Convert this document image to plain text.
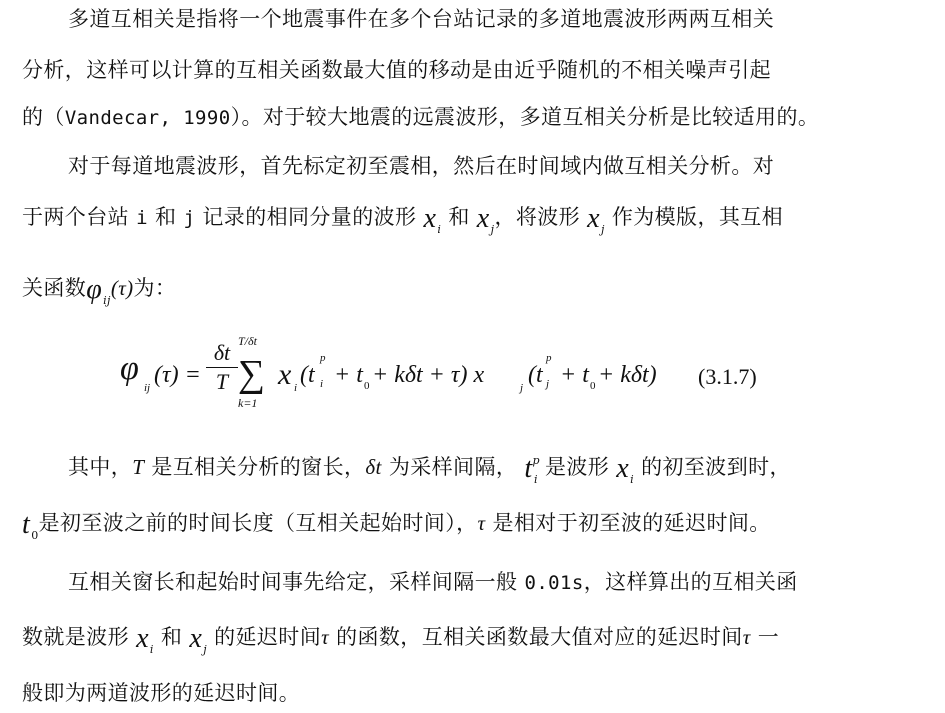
多道互相关是指将一个地震事件在多个台站记录的多道地震波形两两互相关
分析，这样可以计算的互相关函数最大值的移动是由近乎随机的不相关噪声引起
的（Vandecar, 1990）。对于较大地震的远震波形，多道互相关分析是比较适用的。
对于每道地震波形，首先标定初至震相，然后在时间域内做互相关分析。对
于两个台站 i 和 j 记录的相同分量的波形 $x_i$ 和 $x_j$，将波形 $x_j$ 作为模版，其互相
关函数$\varphi_{ij}(\tau)$为：
φ
ij (τ) =
δt
T
T/δt
∑
k=1
x i (t
p
i + t 0 + kδt + τ) x	j (t
p
j + t 0 + kδt) (3.1.7)
其中，T 是互相关分析的窗长，δt 为采样间隔， $t^p_i$ 是波形 $x_i$ 的初至波到时，
$t_0$是初至波之前的时间长度（互相关起始时间），τ 是相对于初至波的延迟时间。
互相关窗长和起始时间事先给定，采样间隔一般 0.01s，这样算出的互相关函
数就是波形 $x_i$ 和 $x_j$ 的延迟时间τ 的函数，互相关函数最大值对应的延迟时间τ 一
般即为两道波形的延迟时间。
